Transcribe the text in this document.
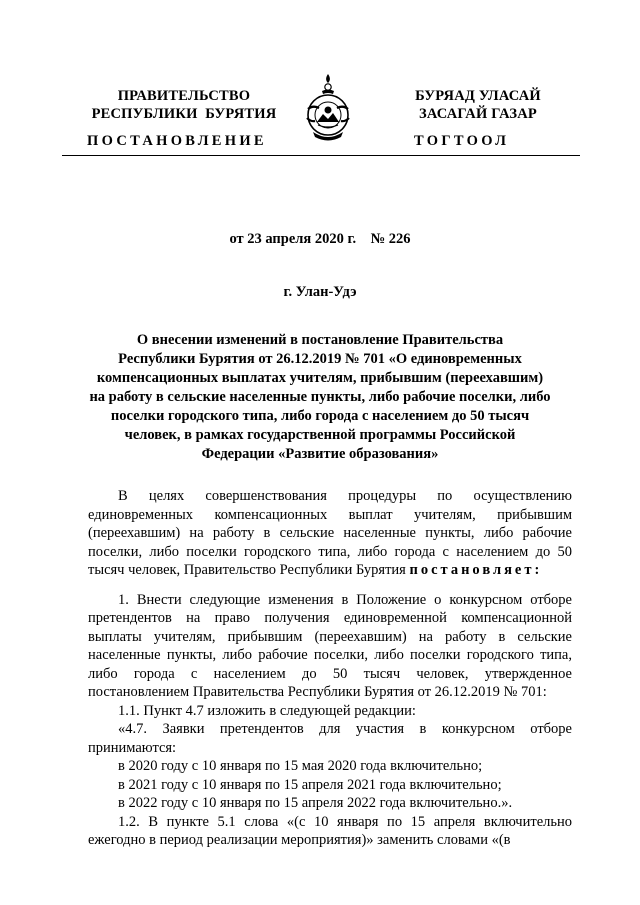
ПРАВИТЕЛЬСТВО
РЕСПУБЛИКИ  БУРЯТИЯ
БУРЯАД УЛАСАЙ
ЗАСАГАЙ ГАЗАР
ПОСТАНОВЛЕНИЕ	ТОГТООЛ
от 23 апреля 2020 г.    № 226
г. Улан-Удэ
О внесении изменений в постановление Правительства
Республики Бурятия от 26.12.2019 № 701 «О единовременных
компенсационных выплатах учителям, прибывшим (переехавшим)
на работу в сельские населенные пункты, либо рабочие поселки, либо
поселки городского типа, либо города с населением до 50 тысяч
человек, в рамках государственной программы Российской
Федерации «Развитие образования»

В целях совершенствования процедуры по осуществлению единовременных компенсационных выплат учителям, прибывшим (переехавшим) на работу в сельские населенные пункты, либо рабочие поселки, либо поселки городского типа, либо города с населением до 50 тысяч человек, Правительство Республики Бурятия постановляет:

1. Внести следующие изменения в Положение о конкурсном отборе претендентов на право получения единовременной компенсационной выплаты учителям, прибывшим (переехавшим) на работу в сельские населенные пункты, либо рабочие поселки, либо поселки городского типа, либо города с населением до 50 тысяч человек, утвержденное постановлением Правительства Республики Бурятия от 26.12.2019 № 701:

1.1. Пункт 4.7 изложить в следующей редакции:

«4.7. Заявки претендентов для участия в конкурсном отборе принимаются:

в 2020 году с 10 января по 15 мая 2020 года включительно;

в 2021 году с 10 января по 15 апреля 2021 года включительно;

в 2022 году с 10 января по 15 апреля 2022 года включительно.».

1.2. В пункте 5.1 слова «(с 10 января по 15 апреля включительно ежегодно в период реализации мероприятия)» заменить словами «(в
